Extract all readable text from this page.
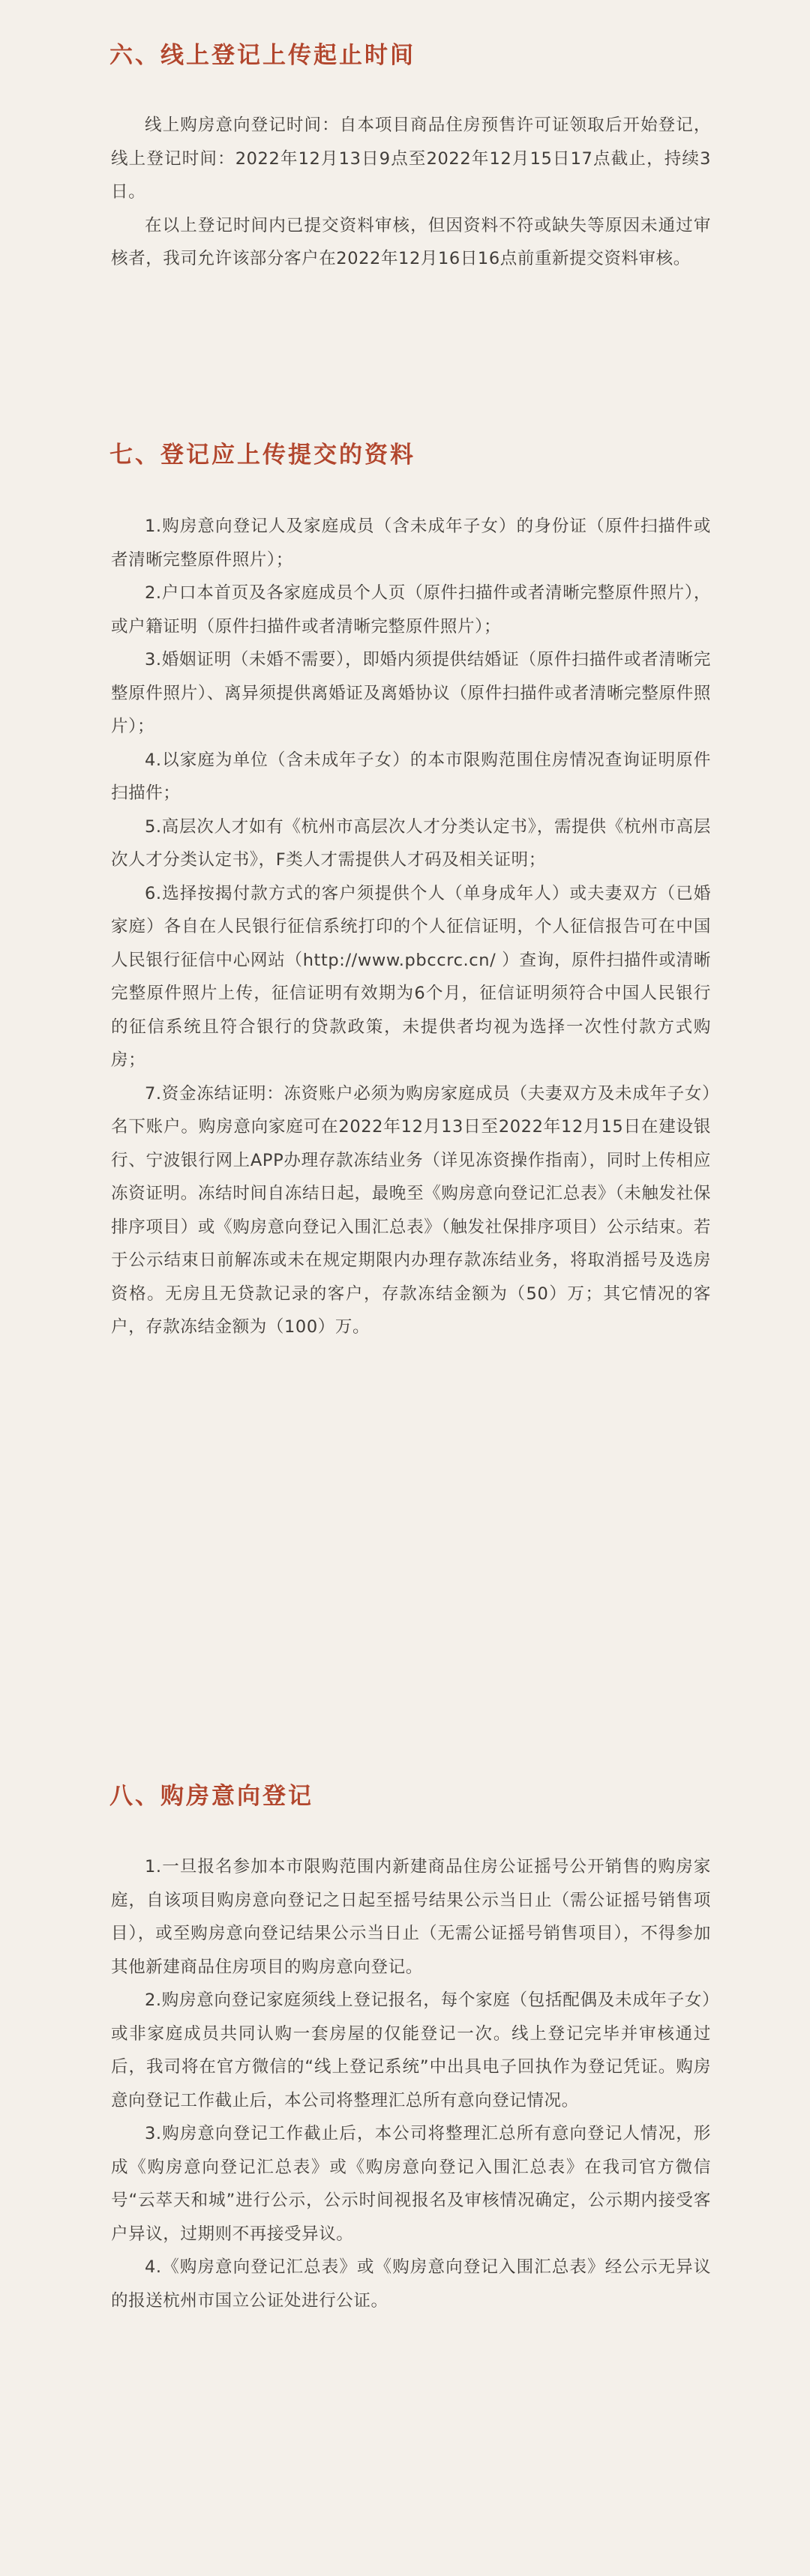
六、线上登记上传起止时间

线上购房意向登记时间：自本项目商品住房预售许可证领取后开始登记，线上登记时间：2022年12月13日9点至2022年12月15日17点截止，持续3日。

在以上登记时间内已提交资料审核，但因资料不符或缺失等原因未通过审核者，我司允许该部分客户在2022年12月16日16点前重新提交资料审核。

七、登记应上传提交的资料

1.购房意向登记人及家庭成员（含未成年子女）的身份证（原件扫描件或者清晰完整原件照片）；

2.户口本首页及各家庭成员个人页（原件扫描件或者清晰完整原件照片），或户籍证明（原件扫描件或者清晰完整原件照片）；

3.婚姻证明（未婚不需要），即婚内须提供结婚证（原件扫描件或者清晰完整原件照片）、离异须提供离婚证及离婚协议（原件扫描件或者清晰完整原件照片）；

4.以家庭为单位（含未成年子女）的本市限购范围住房情况查询证明原件扫描件；

5.高层次人才如有《杭州市高层次人才分类认定书》，需提供《杭州市高层次人才分类认定书》，F类人才需提供人才码及相关证明；

6.选择按揭付款方式的客户须提供个人（单身成年人）或夫妻双方（已婚家庭）各自在人民银行征信系统打印的个人征信证明，个人征信报告可在中国人民银行征信中心网站（http://www.pbccrc.cn/ ）查询，原件扫描件或清晰完整原件照片上传，征信证明有效期为6个月，征信证明须符合中国人民银行的征信系统且符合银行的贷款政策，未提供者均视为选择一次性付款方式购房；

7.资金冻结证明：冻资账户必须为购房家庭成员（夫妻双方及未成年子女）名下账户。购房意向家庭可在2022年12月13日至2022年12月15日在建设银行、宁波银行网上APP办理存款冻结业务（详见冻资操作指南），同时上传相应冻资证明。冻结时间自冻结日起，最晚至《购房意向登记汇总表》（未触发社保排序项目）或《购房意向登记入围汇总表》（触发社保排序项目）公示结束。若于公示结束日前解冻或未在规定期限内办理存款冻结业务，将取消摇号及选房资格。无房且无贷款记录的客户，存款冻结金额为（50）万；其它情况的客户，存款冻结金额为（100）万。

八、购房意向登记

1.一旦报名参加本市限购范围内新建商品住房公证摇号公开销售的购房家庭，自该项目购房意向登记之日起至摇号结果公示当日止（需公证摇号销售项目），或至购房意向登记结果公示当日止（无需公证摇号销售项目），不得参加其他新建商品住房项目的购房意向登记。

2.购房意向登记家庭须线上登记报名，每个家庭（包括配偶及未成年子女）或非家庭成员共同认购一套房屋的仅能登记一次。线上登记完毕并审核通过后，我司将在官方微信的“线上登记系统”中出具电子回执作为登记凭证。购房意向登记工作截止后，本公司将整理汇总所有意向登记情况。

3.购房意向登记工作截止后，本公司将整理汇总所有意向登记人情况，形成《购房意向登记汇总表》或《购房意向登记入围汇总表》在我司官方微信号“云萃天和城”进行公示，公示时间视报名及审核情况确定，公示期内接受客户异议，过期则不再接受异议。

4.《购房意向登记汇总表》或《购房意向登记入围汇总表》经公示无异议的报送杭州市国立公证处进行公证。
